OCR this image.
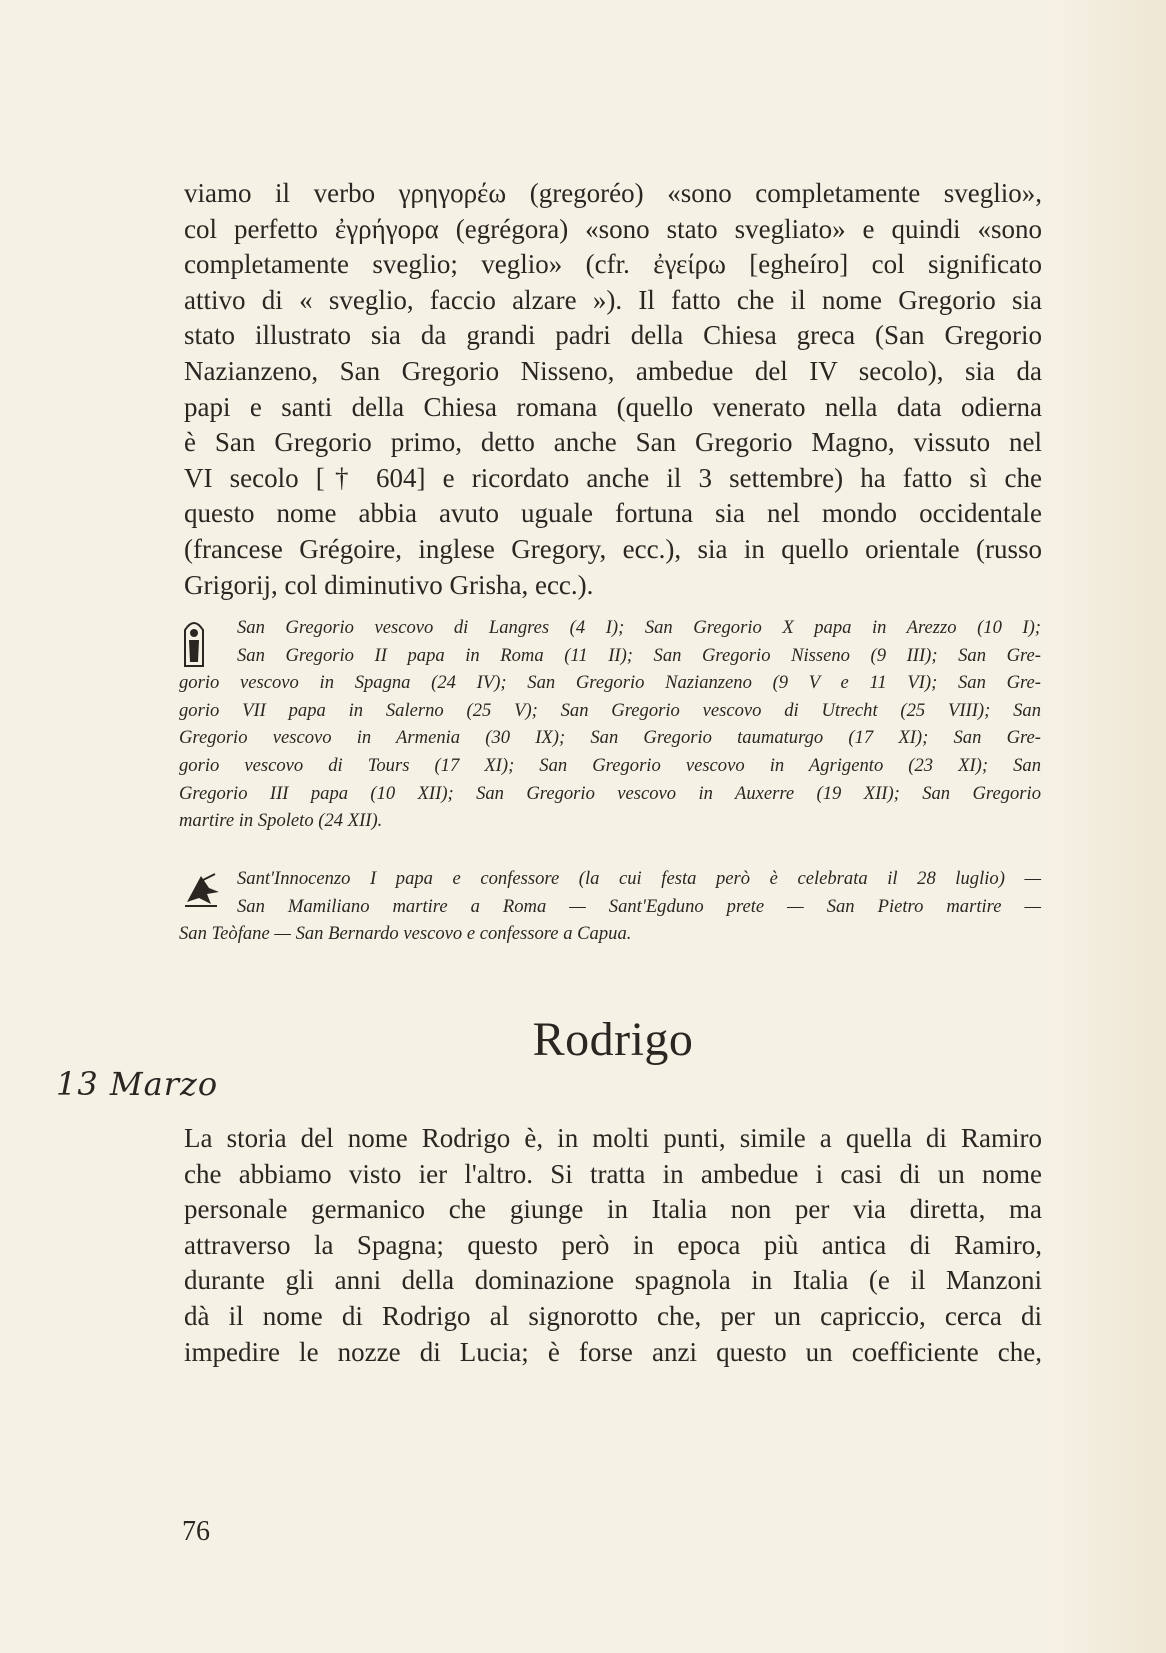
viamo il verbo γρηγορέω (gregoréo) «sono completamente sveglio»,
col perfetto ἐγρήγορα (egrégora) «sono stato svegliato» e quindi «sono
completamente sveglio; veglio» (cfr. ἐγείρω [egheíro] col significato
attivo di « sveglio, faccio alzare »). Il fatto che il nome Gregorio sia
stato illustrato sia da grandi padri della Chiesa greca (San Gregorio
Nazianzeno, San Gregorio Nisseno, ambedue del IV secolo), sia da
papi e santi della Chiesa romana (quello venerato nella data odierna
è San Gregorio primo, detto anche San Gregorio Magno, vissuto nel
VI secolo [† 604] e ricordato anche il 3 settembre) ha fatto sì che
questo nome abbia avuto uguale fortuna sia nel mondo occidentale
(francese Grégoire, inglese Gregory, ecc.), sia in quello orientale (russo
Grigorij, col diminutivo Grisha, ecc.).
San Gregorio vescovo di Langres (4 I); San Gregorio X papa in Arezzo (10 I);
San Gregorio II papa in Roma (11 II); San Gregorio Nisseno (9 III); San Gre-
gorio vescovo in Spagna (24 IV); San Gregorio Nazianzeno (9 V e 11 VI); San Gre-
gorio VII papa in Salerno (25 V); San Gregorio vescovo di Utrecht (25 VIII); San
Gregorio vescovo in Armenia (30 IX); San Gregorio taumaturgo (17 XI); San Gre-
gorio vescovo di Tours (17 XI); San Gregorio vescovo in Agrigento (23 XI); San
Gregorio III papa (10 XII); San Gregorio vescovo in Auxerre (19 XII); San Gregorio
martire in Spoleto (24 XII).
Sant'Innocenzo I papa e confessore (la cui festa però è celebrata il 28 luglio) —
San Mamiliano martire a Roma — Sant'Egduno prete — San Pietro martire —
San Teòfane — San Bernardo vescovo e confessore a Capua.
Rodrigo
13 Marzo
La storia del nome Rodrigo è, in molti punti, simile a quella di Ramiro
che abbiamo visto ier l'altro. Si tratta in ambedue i casi di un nome
personale germanico che giunge in Italia non per via diretta, ma
attraverso la Spagna; questo però in epoca più antica di Ramiro,
durante gli anni della dominazione spagnola in Italia (e il Manzoni
dà il nome di Rodrigo al signorotto che, per un capriccio, cerca di
impedire le nozze di Lucia; è forse anzi questo un coefficiente che,
76
